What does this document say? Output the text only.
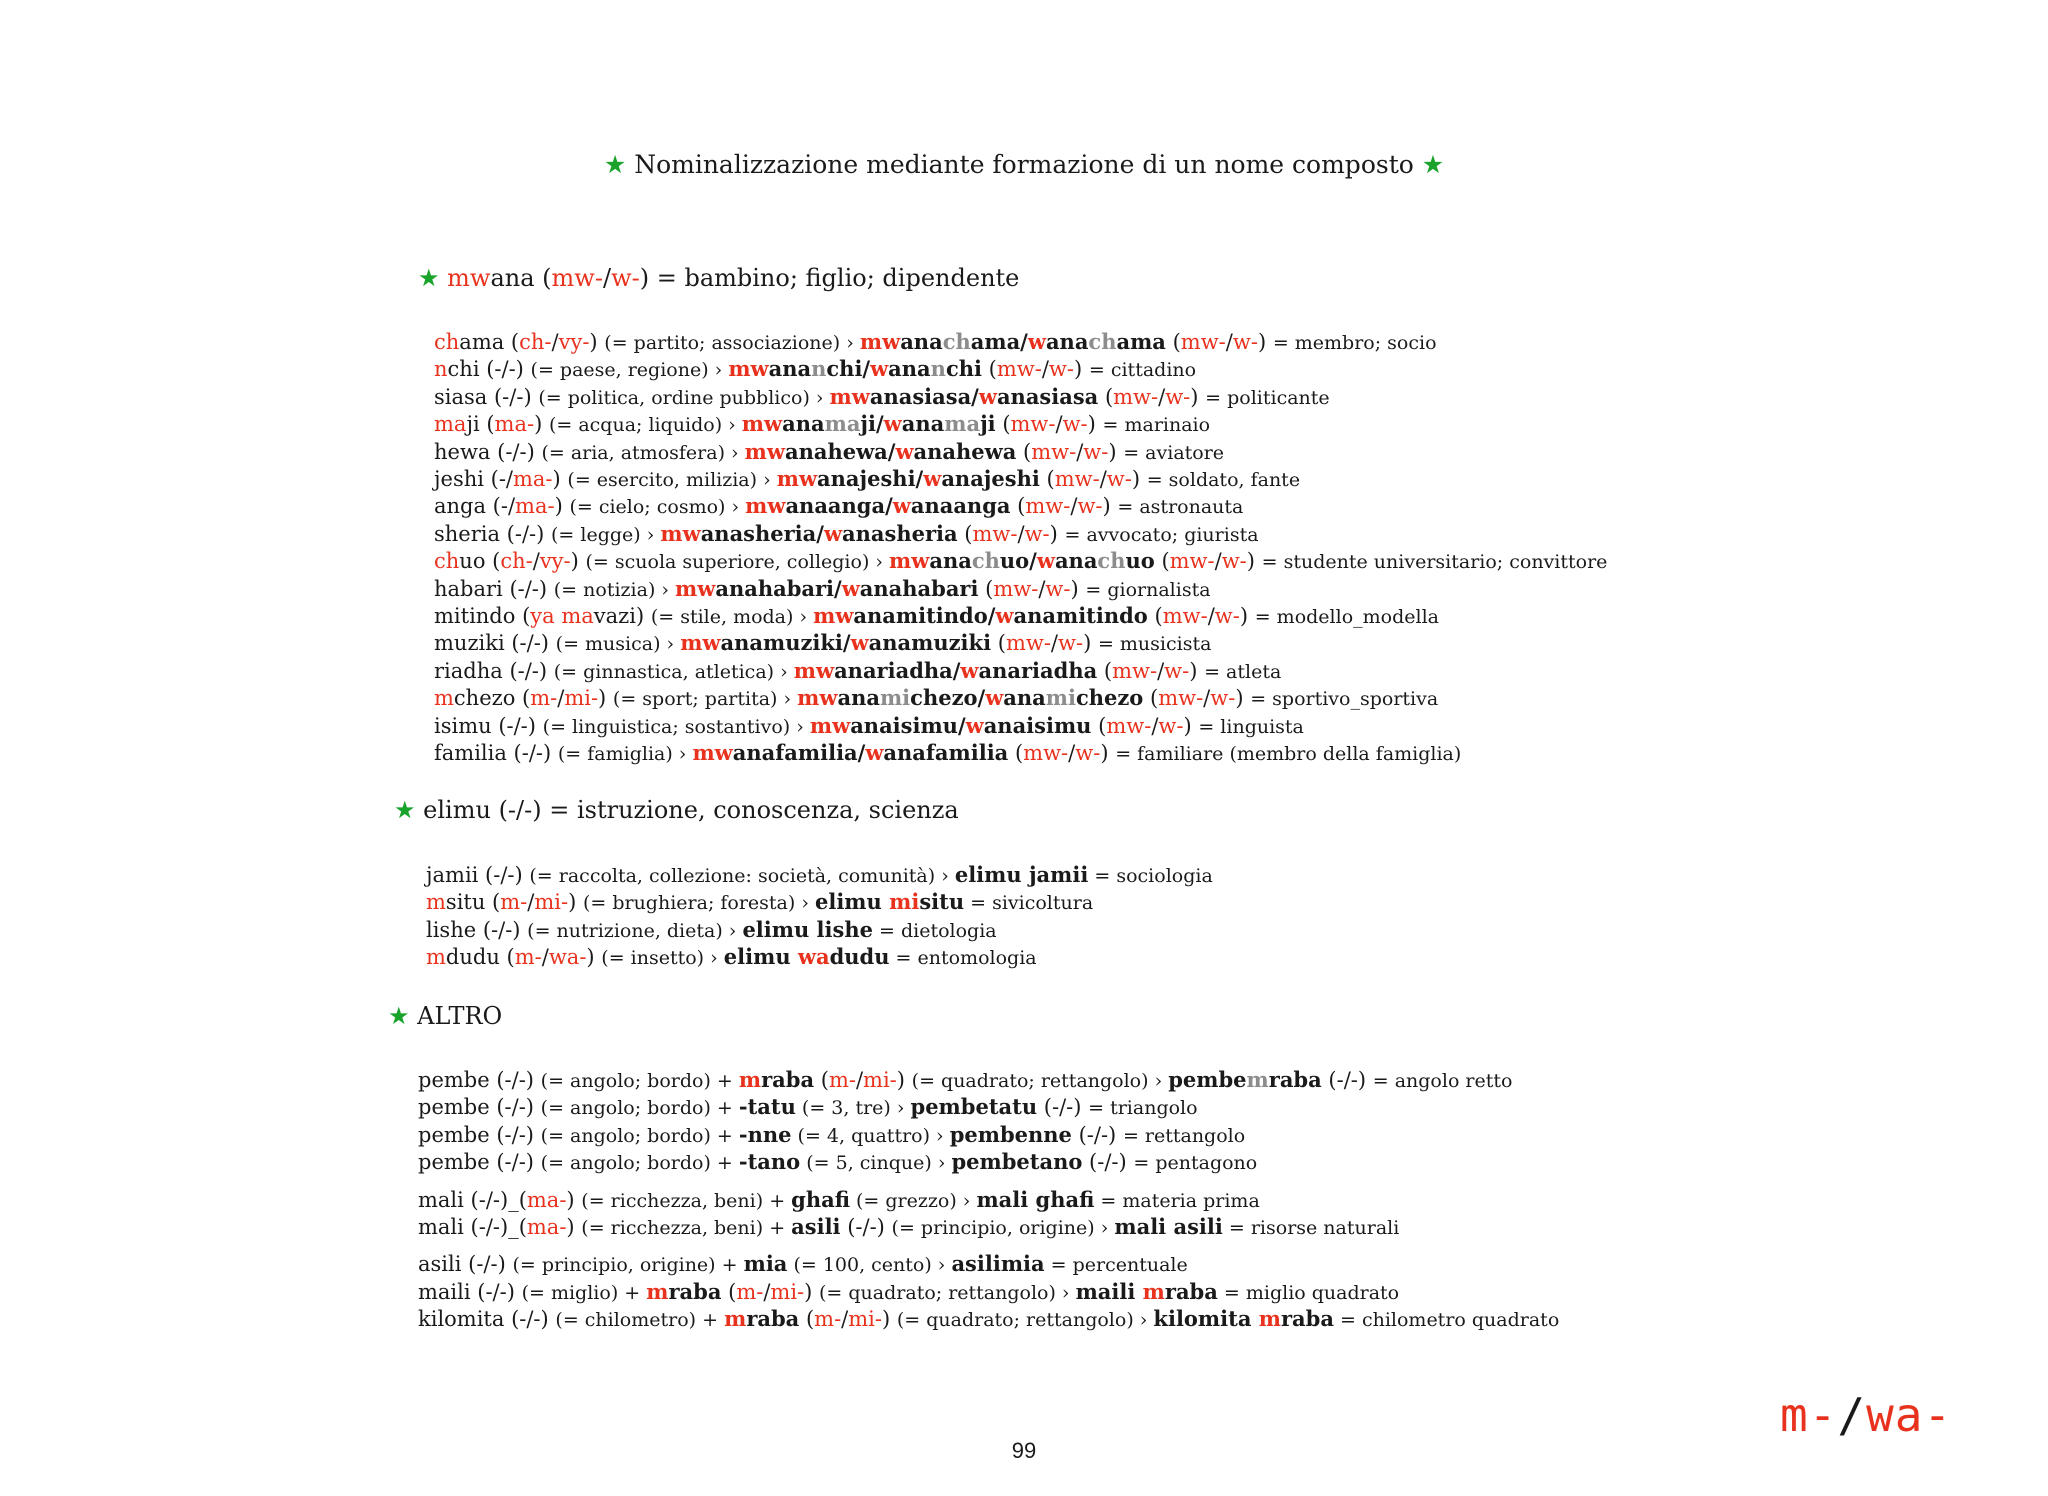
★ Nominalizzazione mediante formazione di un nome composto ★
★ mwana (mw-/w-) = bambino; figlio; dipendente
chama (ch-/vy-) (= partito; associazione) › mwanachama/wanachama (mw-/w-) = membro; socio
nchi (-/-) (= paese, regione) › mwananchi/wananchi (mw-/w-) = cittadino
siasa (-/-) (= politica, ordine pubblico) › mwanasiasa/wanasiasa (mw-/w-) = politicante
maji (ma-) (= acqua; liquido) › mwanamaji/wanamaji (mw-/w-) = marinaio
hewa (-/-) (= aria, atmosfera) › mwanahewa/wanahewa (mw-/w-) = aviatore
jeshi (-/ma-) (= esercito, milizia) › mwanajeshi/wanajeshi (mw-/w-) = soldato, fante
anga (-/ma-) (= cielo; cosmo) › mwanaanga/wanaanga (mw-/w-) = astronauta
sheria (-/-) (= legge) › mwanasheria/wanasheria (mw-/w-) = avvocato; giurista
chuo (ch-/vy-) (= scuola superiore, collegio) › mwanachuo/wanachuo (mw-/w-) = studente universitario; convittore
habari (-/-) (= notizia) › mwanahabari/wanahabari (mw-/w-) = giornalista
mitindo (ya mavazi) (= stile, moda) › mwanamitindo/wanamitindo (mw-/w-) = modello_modella
muziki (-/-) (= musica) › mwanamuziki/wanamuziki (mw-/w-) = musicista
riadha (-/-) (= ginnastica, atletica) › mwanariadha/wanariadha (mw-/w-) = atleta
mchezo (m-/mi-) (= sport; partita) › mwanamichezo/wanamichezo (mw-/w-) = sportivo_sportiva
isimu (-/-) (= linguistica; sostantivo) › mwanaisimu/wanaisimu (mw-/w-) = linguista
familia (-/-) (= famiglia) › mwanafamilia/wanafamilia (mw-/w-) = familiare (membro della famiglia)
★ elimu (-/-) = istruzione, conoscenza, scienza
jamii (-/-) (= raccolta, collezione: società, comunità) › elimu jamii = sociologia
msitu (m-/mi-) (= brughiera; foresta) › elimu misitu = sivicoltura
lishe (-/-) (= nutrizione, dieta) › elimu lishe = dietologia
mdudu (m-/wa-) (= insetto) › elimu wadudu = entomologia
★ ALTRO
pembe (-/-) (= angolo; bordo) + mraba (m-/mi-) (= quadrato; rettangolo) › pembemraba (-/-) = angolo retto
pembe (-/-) (= angolo; bordo) + -tatu (= 3, tre) › pembetatu (-/-) = triangolo
pembe (-/-) (= angolo; bordo) + -nne (= 4, quattro) › pembenne (-/-) = rettangolo
pembe (-/-) (= angolo; bordo) + -tano (= 5, cinque) › pembetano (-/-) = pentagono
mali (-/-)_(ma-) (= ricchezza, beni) + ghafi (= grezzo) › mali ghafi = materia prima
mali (-/-)_(ma-) (= ricchezza, beni) + asili (-/-) (= principio, origine) › mali asili = risorse naturali
asili (-/-) (= principio, origine) + mia (= 100, cento) › asilimia = percentuale
maili (-/-) (= miglio) + mraba (m-/mi-) (= quadrato; rettangolo) › maili mraba = miglio quadrato
kilomita (-/-) (= chilometro) + mraba (m-/mi-) (= quadrato; rettangolo) › kilomita mraba = chilometro quadrato
99
m-/wa-
